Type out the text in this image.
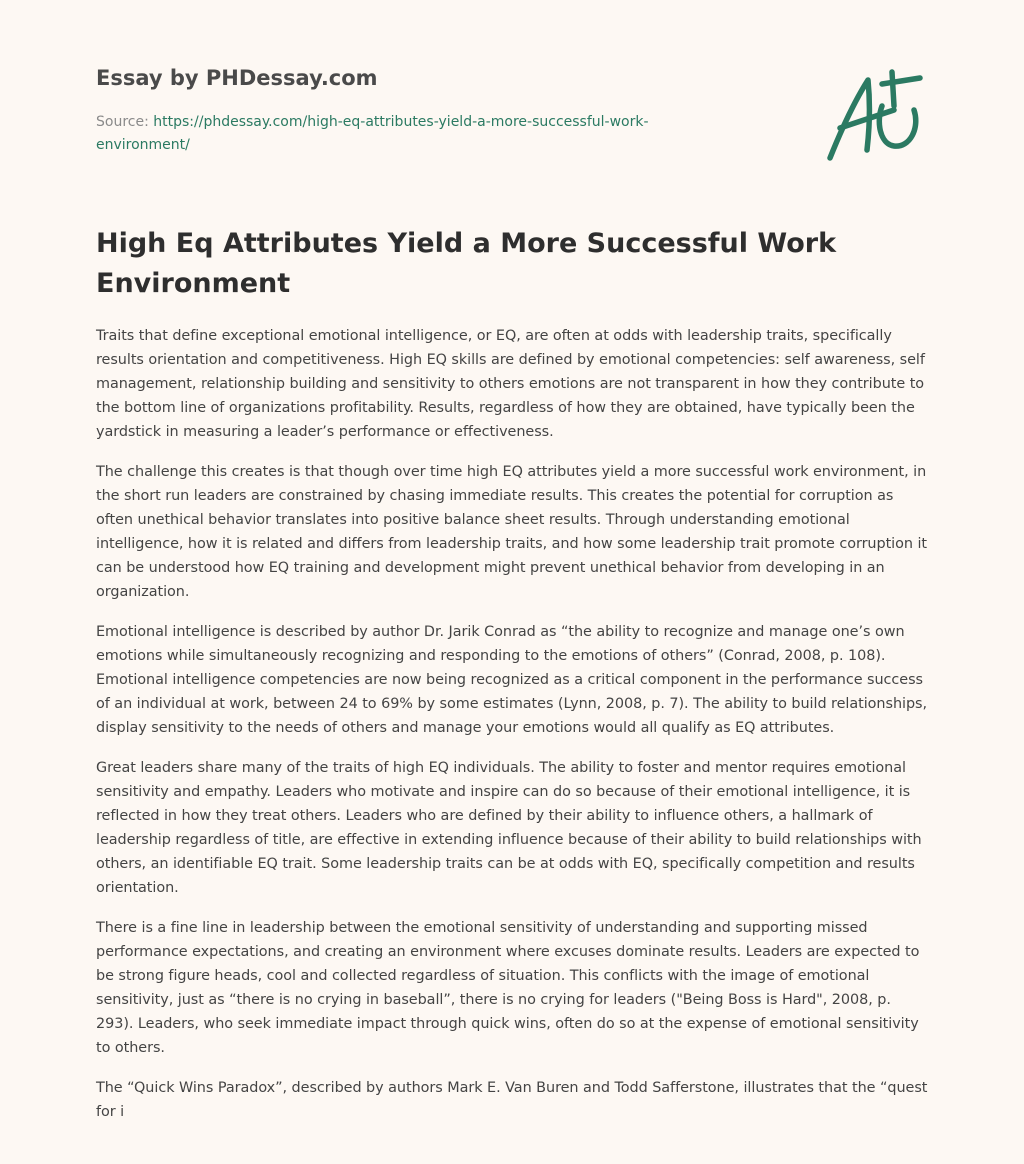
Essay by PHDessay.com
Source: https://phdessay.com/high-eq-attributes-yield-a-more-successful-work-environment/
High Eq Attributes Yield a More Successful Work Environment

Traits that define exceptional emotional intelligence, or EQ, are often at odds with leadership traits, specifically results orientation and competitiveness. High EQ skills are defined by emotional competencies: self awareness, self management, relationship building and sensitivity to others emotions are not transparent in how they contribute to the bottom line of organizations profitability. Results, regardless of how they are obtained, have typically been the yardstick in measuring a leader’s performance or effectiveness.

The challenge this creates is that though over time high EQ attributes yield a more successful work environment, in the short run leaders are constrained by chasing immediate results. This creates the potential for corruption as often unethical behavior translates into positive balance sheet results. Through understanding emotional intelligence, how it is related and differs from leadership traits, and how some leadership trait promote corruption it can be understood how EQ training and development might prevent unethical behavior from developing in an organization.

Emotional intelligence is described by author Dr. Jarik Conrad as “the ability to recognize and manage one’s own emotions while simultaneously recognizing and responding to the emotions of others” (Conrad, 2008, p. 108). Emotional intelligence competencies are now being recognized as a critical component in the performance success of an individual at work, between 24 to 69% by some estimates (Lynn, 2008, p. 7). The ability to build relationships, display sensitivity to the needs of others and manage your emotions would all qualify as EQ attributes.

Great leaders share many of the traits of high EQ individuals. The ability to foster and mentor requires emotional sensitivity and empathy. Leaders who motivate and inspire can do so because of their emotional intelligence, it is reflected in how they treat others. Leaders who are defined by their ability to influence others, a hallmark of leadership regardless of title, are effective in extending influence because of their ability to build relationships with others, an identifiable EQ trait. Some leadership traits can be at odds with EQ, specifically competition and results orientation.

There is a fine line in leadership between the emotional sensitivity of understanding and supporting missed performance expectations, and creating an environment where excuses dominate results. Leaders are expected to be strong figure heads, cool and collected regardless of situation. This conflicts with the image of emotional sensitivity, just as “there is no crying in baseball”, there is no crying for leaders ("Being Boss is Hard", 2008, p. 293). Leaders, who seek immediate impact through quick wins, often do so at the expense of emotional sensitivity to others.

The “Quick Wins Paradox”, described by authors Mark E. Van Buren and Todd Safferstone, illustrates that the “quest for i
